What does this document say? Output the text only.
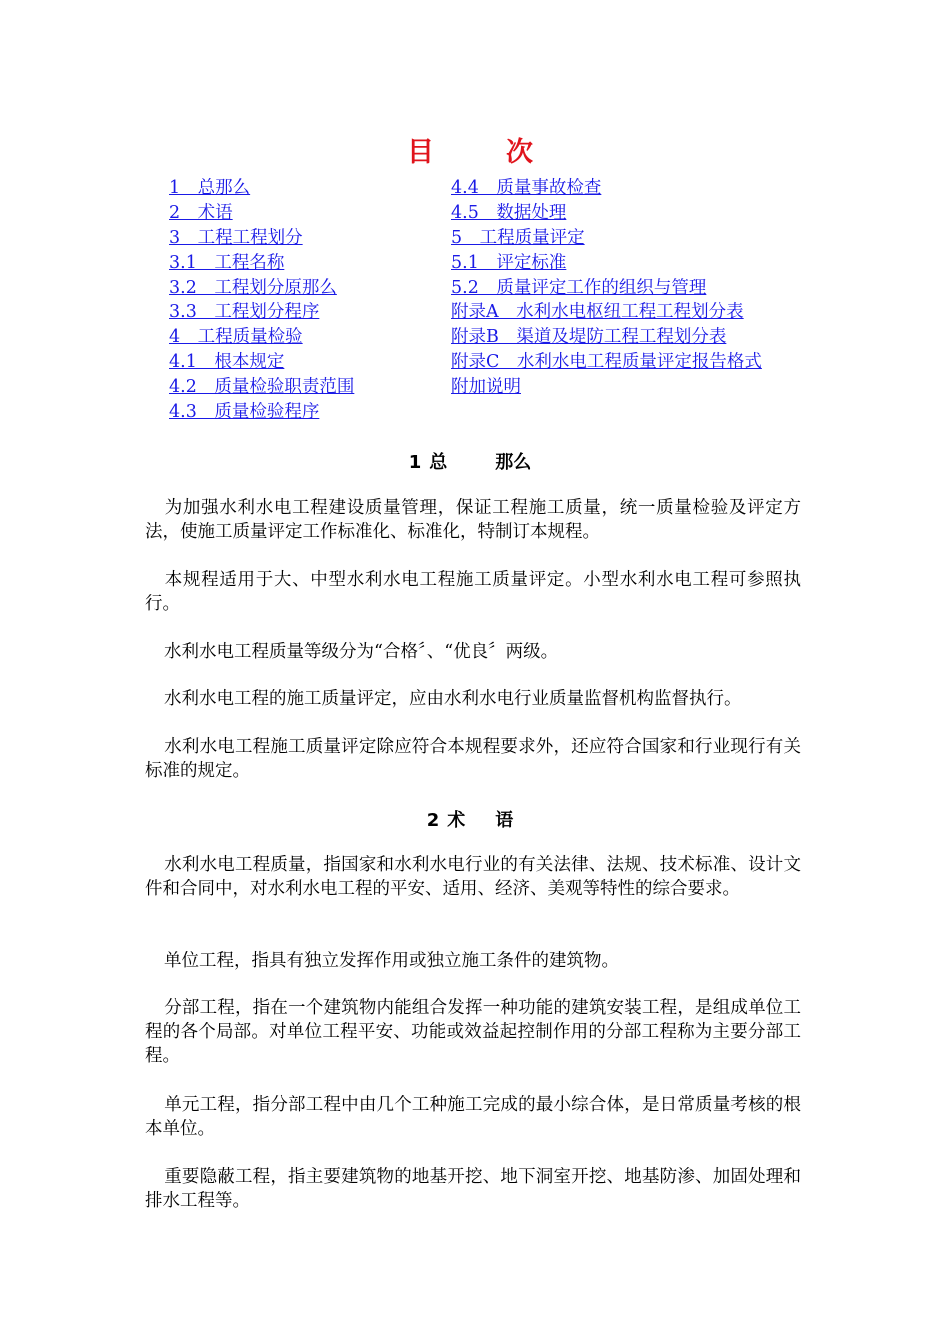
目	次
1　总那么
2　术语
3　工程工程划分
3.1　工程名称
3.2　工程划分原那么
3.3　工程划分程序
4　工程质量检验
4.1　根本规定
4.2　质量检验职责范围
4.3　质量检验程序
4.4　质量事故检查
4.5　数据处理
5　工程质量评定
5.1　评定标准
5.2　质量评定工作的组织与管理
附录A　水利水电枢纽工程工程划分表
附录B　渠道及堤防工程工程划分表
附录C　水利水电工程质量评定报告格式
附加说明
1 总	那么

为加强水利水电工程建设质量管理，保证工程施工质量，统一质量检验及评定方法，使施工质量评定工作标准化、标准化，特制订本规程。

本规程适用于大、中型水利水电工程施工质量评定。小型水利水电工程可参照执行。

水利水电工程质量等级分为“合格〞、“优良〞两级。

水利水电工程的施工质量评定，应由水利水电行业质量监督机构监督执行。

水利水电工程施工质量评定除应符合本规程要求外，还应符合国家和行业现行有关标准的规定。

2 术 语

水利水电工程质量，指国家和水利水电行业的有关法律、法规、技术标准、设计文件和合同中，对水利水电工程的平安、适用、经济、美观等特性的综合要求。

单位工程，指具有独立发挥作用或独立施工条件的建筑物。

分部工程，指在一个建筑物内能组合发挥一种功能的建筑安装工程，是组成单位工程的各个局部。对单位工程平安、功能或效益起控制作用的分部工程称为主要分部工程。

单元工程，指分部工程中由几个工种施工完成的最小综合体，是日常质量考核的根本单位。

重要隐蔽工程，指主要建筑物的地基开挖、地下洞室开挖、地基防渗、加固处理和排水工程等。
